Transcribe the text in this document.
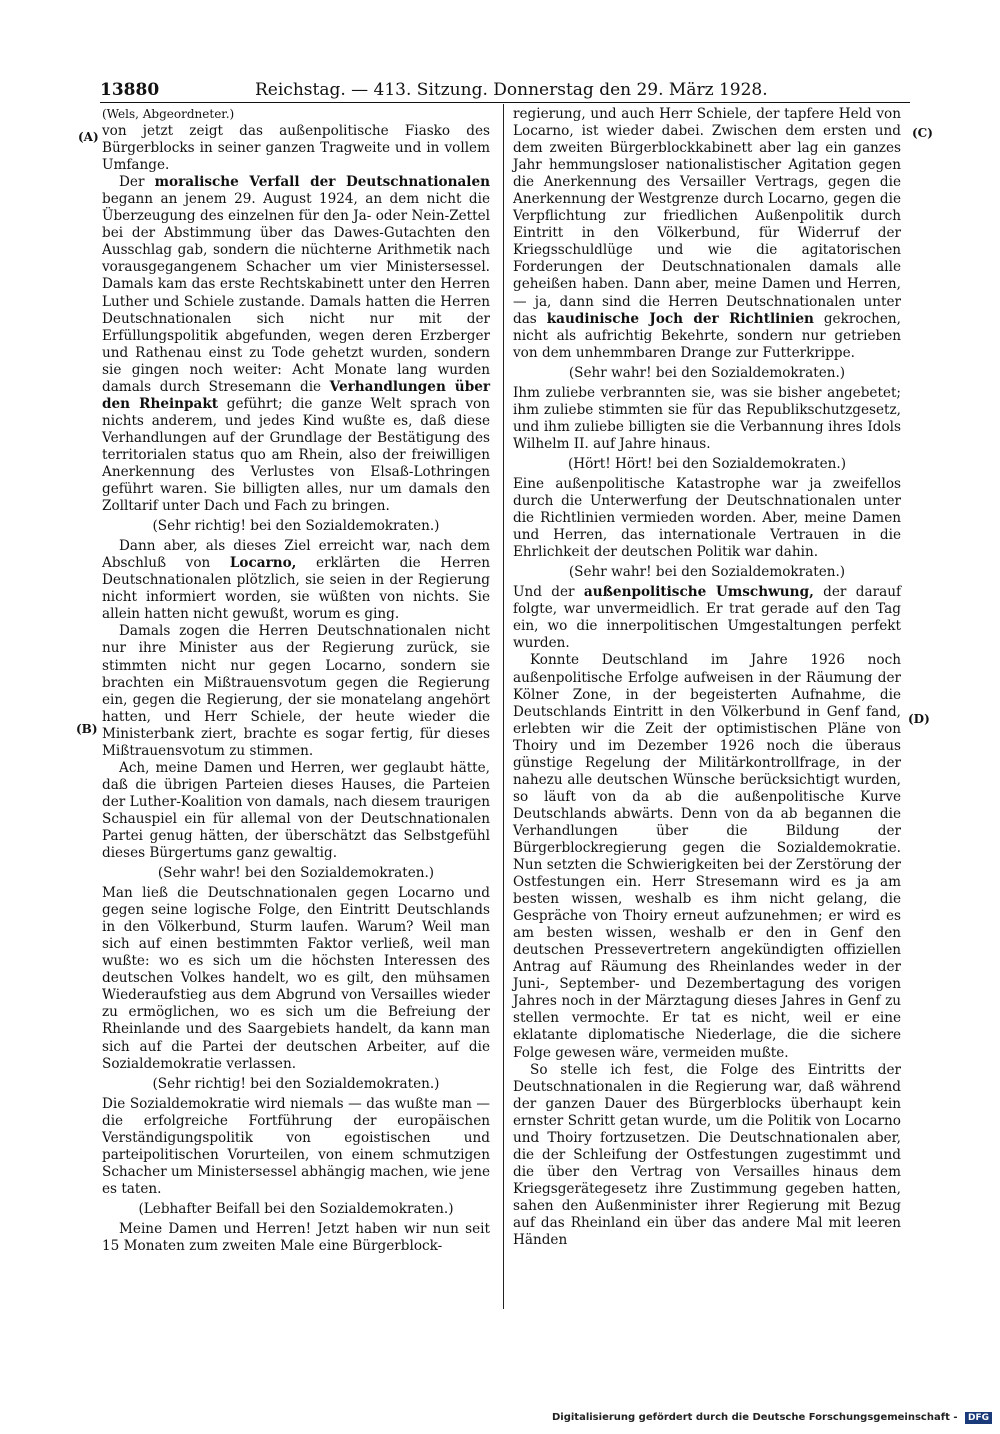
13880	Reichstag. — 413. Sitzung. Donnerstag den 29. März 1928.
(A)
(B)
(C)
(D)

(Wels, Abgeordneter.)

von jetzt zeigt das außenpolitische Fiasko des Bürgerblocks in seiner ganzen Tragweite und in vollem Umfange.

Der moralische Verfall der Deutschnationalen begann an jenem 29. August 1924, an dem nicht die Überzeugung des einzelnen für den Ja- oder Nein-Zettel bei der Abstimmung über das Dawes-Gutachten den Ausschlag gab, sondern die nüchterne Arithmetik nach vorausgegangenem Schacher um vier Ministersessel. Damals kam das erste Rechtskabinett unter den Herren Luther und Schiele zustande. Damals hatten die Herren Deutschnationalen sich nicht nur mit der Erfüllungspolitik abgefunden, wegen deren Erzberger und Rathenau einst zu Tode gehetzt wurden, sondern sie gingen noch weiter: Acht Monate lang wurden damals durch Stresemann die Verhandlungen über den Rheinpakt geführt; die ganze Welt sprach von nichts anderem, und jedes Kind wußte es, daß diese Verhandlungen auf der Grundlage der Bestätigung des territorialen status quo am Rhein, also der freiwilligen Anerkennung des Verlustes von Elsaß-Lothringen geführt waren. Sie billigten alles, nur um damals den Zolltarif unter Dach und Fach zu bringen.

(Sehr richtig! bei den Sozialdemokraten.)

Dann aber, als dieses Ziel erreicht war, nach dem Abschluß von Locarno, erklärten die Herren Deutschnationalen plötzlich, sie seien in der Regierung nicht informiert worden, sie wüßten von nichts. Sie allein hatten nicht gewußt, worum es ging.

Damals zogen die Herren Deutschnationalen nicht nur ihre Minister aus der Regierung zurück, sie stimmten nicht nur gegen Locarno, sondern sie brachten ein Mißtrauensvotum gegen die Regierung ein, gegen die Regierung, der sie monatelang angehört hatten, und Herr Schiele, der heute wieder die Ministerbank ziert, brachte es sogar fertig, für dieses Mißtrauensvotum zu stimmen.

Ach, meine Damen und Herren, wer geglaubt hätte, daß die übrigen Parteien dieses Hauses, die Parteien der Luther-Koalition von damals, nach diesem traurigen Schauspiel ein für allemal von der Deutschnationalen Partei genug hätten, der überschätzt das Selbstgefühl dieses Bürgertums ganz gewaltig.

(Sehr wahr! bei den Sozialdemokraten.)

Man ließ die Deutschnationalen gegen Locarno und gegen seine logische Folge, den Eintritt Deutschlands in den Völkerbund, Sturm laufen. Warum? Weil man sich auf einen bestimmten Faktor verließ, weil man wußte: wo es sich um die höchsten Interessen des deutschen Volkes handelt, wo es gilt, den mühsamen Wiederaufstieg aus dem Abgrund von Versailles wieder zu ermöglichen, wo es sich um die Befreiung der Rheinlande und des Saargebiets handelt, da kann man sich auf die Partei der deutschen Arbeiter, auf die Sozialdemokratie verlassen.

(Sehr richtig! bei den Sozialdemokraten.)

Die Sozialdemokratie wird niemals — das wußte man — die erfolgreiche Fortführung der europäischen Verständigungspolitik von egoistischen und parteipolitischen Vorurteilen, von einem schmutzigen Schacher um Ministersessel abhängig machen, wie jene es taten.

(Lebhafter Beifall bei den Sozialdemokraten.)

Meine Damen und Herren! Jetzt haben wir nun seit 15 Monaten zum zweiten Male eine Bürgerblock-

regierung, und auch Herr Schiele, der tapfere Held von Locarno, ist wieder dabei. Zwischen dem ersten und dem zweiten Bürgerblockkabinett aber lag ein ganzes Jahr hemmungsloser nationalistischer Agitation gegen die Anerkennung des Versailler Vertrags, gegen die Anerkennung der Westgrenze durch Locarno, gegen die Verpflichtung zur friedlichen Außenpolitik durch Eintritt in den Völkerbund, für Widerruf der Kriegsschuldlüge und wie die agitatorischen Forderungen der Deutschnationalen damals alle geheißen haben. Dann aber, meine Damen und Herren, — ja, dann sind die Herren Deutschnationalen unter das kaudinische Joch der Richtlinien gekrochen, nicht als aufrichtig Bekehrte, sondern nur getrieben von dem unhemmbaren Drange zur Futterkrippe.

(Sehr wahr! bei den Sozialdemokraten.)

Ihm zuliebe verbrannten sie, was sie bisher angebetet; ihm zuliebe stimmten sie für das Republikschutzgesetz, und ihm zuliebe billigten sie die Verbannung ihres Idols Wilhelm II. auf Jahre hinaus.

(Hört! Hört! bei den Sozialdemokraten.)

Eine außenpolitische Katastrophe war ja zweifellos durch die Unterwerfung der Deutschnationalen unter die Richtlinien vermieden worden. Aber, meine Damen und Herren, das internationale Vertrauen in die Ehrlichkeit der deutschen Politik war dahin.

(Sehr wahr! bei den Sozialdemokraten.)

Und der außenpolitische Umschwung, der darauf folgte, war unvermeidlich. Er trat gerade auf den Tag ein, wo die innerpolitischen Umgestaltungen perfekt wurden.

Konnte Deutschland im Jahre 1926 noch außenpolitische Erfolge aufweisen in der Räumung der Kölner Zone, in der begeisterten Aufnahme, die Deutschlands Eintritt in den Völkerbund in Genf fand, erlebten wir die Zeit der optimistischen Pläne von Thoiry und im Dezember 1926 noch die überaus günstige Regelung der Militärkontrollfrage, in der nahezu alle deutschen Wünsche berücksichtigt wurden, so läuft von da ab die außenpolitische Kurve Deutschlands abwärts. Denn von da ab begannen die Verhandlungen über die Bildung der Bürgerblockregierung gegen die Sozialdemokratie. Nun setzten die Schwierigkeiten bei der Zerstörung der Ostfestungen ein. Herr Stresemann wird es ja am besten wissen, weshalb es ihm nicht gelang, die Gespräche von Thoiry erneut aufzunehmen; er wird es am besten wissen, weshalb er den in Genf den deutschen Pressevertretern angekündigten offiziellen Antrag auf Räumung des Rheinlandes weder in der Juni-, September- und Dezembertagung des vorigen Jahres noch in der Märztagung dieses Jahres in Genf zu stellen vermochte. Er tat es nicht, weil er eine eklatante diplomatische Niederlage, die die sichere Folge gewesen wäre, vermeiden mußte.

So stelle ich fest, die Folge des Eintritts der Deutschnationalen in die Regierung war, daß während der ganzen Dauer des Bürgerblocks überhaupt kein ernster Schritt getan wurde, um die Politik von Locarno und Thoiry fortzusetzen. Die Deutschnationalen aber, die der Schleifung der Ostfestungen zugestimmt und die über den Vertrag von Versailles hinaus dem Kriegsgerätegesetz ihre Zustimmung gegeben hatten, sahen den Außenminister ihrer Regierung mit Bezug auf das Rheinland ein über das andere Mal mit leeren Händen

Digitalisierung gefördert durch die Deutsche Forschungsgemeinschaft - DFG
